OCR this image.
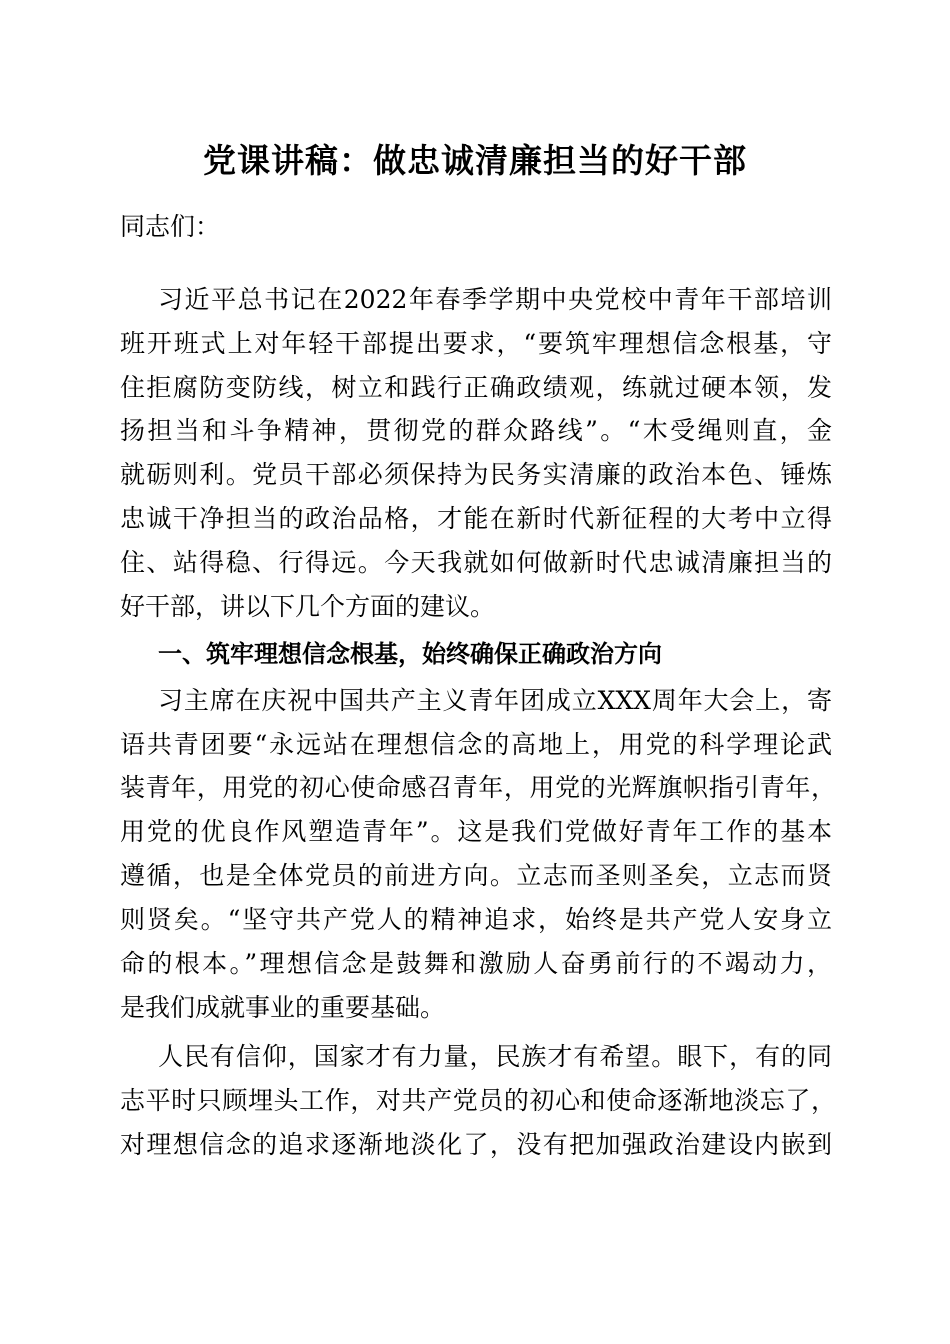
党课讲稿：做忠诚清廉担当的好干部
同志们：
习近平总书记在2022年春季学期中央党校中青年干部培训
班开班式上对年轻干部提出要求，“要筑牢理想信念根基，守
住拒腐防变防线，树立和践行正确政绩观，练就过硬本领，发
扬担当和斗争精神，贯彻党的群众路线”。“木受绳则直，金
就砺则利。党员干部必须保持为民务实清廉的政治本色、锤炼
忠诚干净担当的政治品格，才能在新时代新征程的大考中立得
住、站得稳、行得远。今天我就如何做新时代忠诚清廉担当的
好干部，讲以下几个方面的建议。
一、筑牢理想信念根基，始终确保正确政治方向
习主席在庆祝中国共产主义青年团成立XXX周年大会上，寄
语共青团要“永远站在理想信念的高地上，用党的科学理论武
装青年，用党的初心使命感召青年，用党的光辉旗帜指引青年，
用党的优良作风塑造青年”。这是我们党做好青年工作的基本
遵循，也是全体党员的前进方向。立志而圣则圣矣，立志而贤
则贤矣。“坚守共产党人的精神追求，始终是共产党人安身立
命的根本。”理想信念是鼓舞和激励人奋勇前行的不竭动力，
是我们成就事业的重要基础。
人民有信仰，国家才有力量，民族才有希望。眼下，有的同
志平时只顾埋头工作，对共产党员的初心和使命逐渐地淡忘了，
对理想信念的追求逐渐地淡化了，没有把加强政治建设内嵌到
